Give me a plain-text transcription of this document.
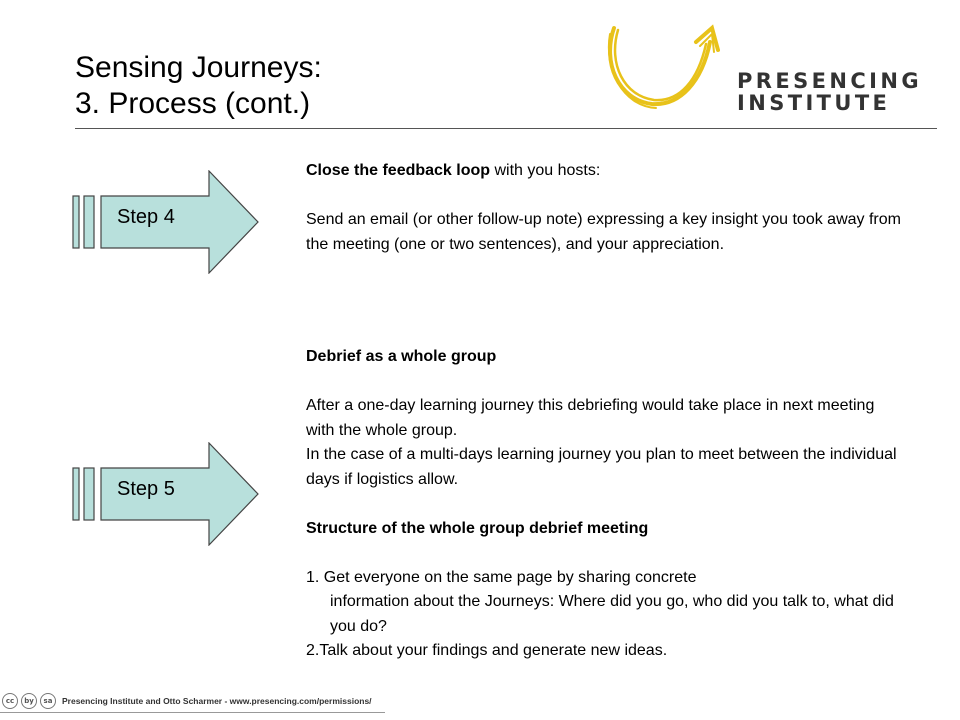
Sensing Journeys:
3. Process (cont.)
PRESENCING
INSTITUTE
Step 4
Step 5

Close the feedback loop with you hosts:

Send an email (or other follow-up note) expressing a key insight you took away from the meeting (one or two sentences), and your appreciation.

Debrief as a whole group

After a one-day learning journey this debriefing would take place in next meeting with the whole group.

In the case of a multi-days learning journey you plan to meet between the individual days if logistics allow.

Structure of the whole group debrief meeting

1. Get everyone on the same page by sharing concrete

information about the Journeys: Where did you go, who did you talk to, what did you do?

2.Talk about your findings and generate new ideas.

cc	by	sa	Presencing Institute and Otto Scharmer - www.presencing.com/permissions/
